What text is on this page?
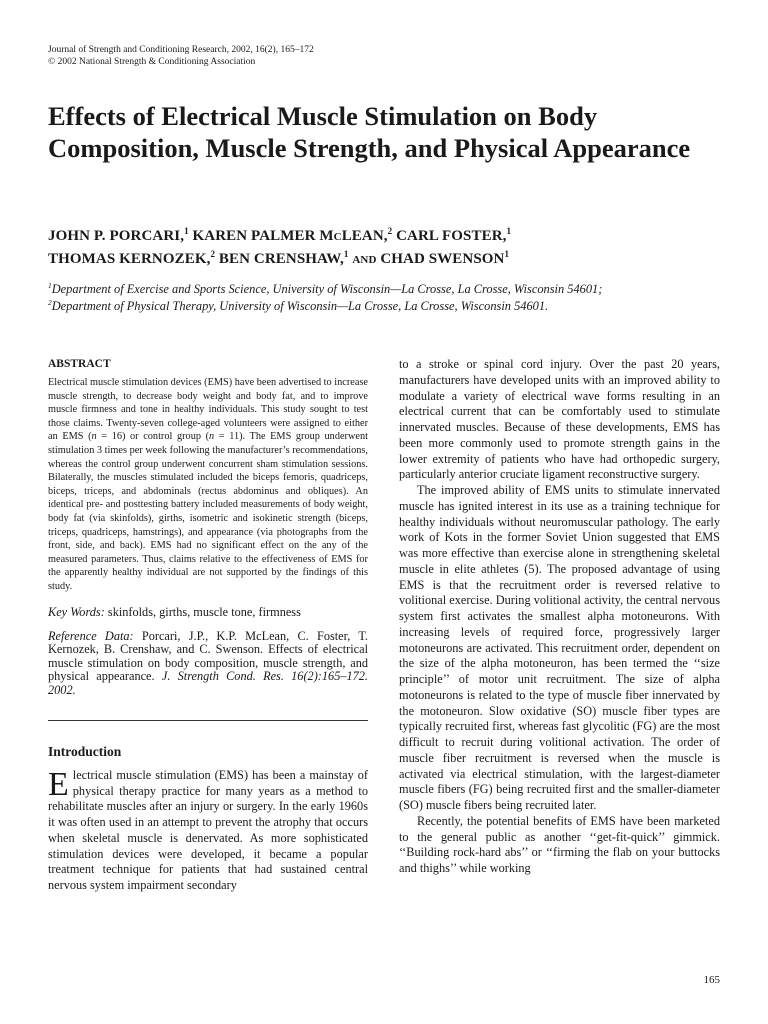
Journal of Strength and Conditioning Research, 2002, 16(2), 165–172
© 2002 National Strength & Conditioning Association
Effects of Electrical Muscle Stimulation on Body Composition, Muscle Strength, and Physical Appearance
JOHN P. PORCARI,$^1$ KAREN PALMER McLEAN,$^2$ CARL FOSTER,$^1$
THOMAS KERNOZEK,$^2$ BEN CRENSHAW,$^1$ and CHAD SWENSON$^1$
$^1$Department of Exercise and Sports Science, University of Wisconsin—La Crosse, La Crosse, Wisconsin 54601;
$^2$Department of Physical Therapy, University of Wisconsin—La Crosse, La Crosse, Wisconsin 54601.
ABSTRACT

Electrical muscle stimulation devices (EMS) have been advertised to increase muscle strength, to decrease body weight and body fat, and to improve muscle firmness and tone in healthy individuals. This study sought to test those claims. Twenty-seven college-aged volunteers were assigned to either an EMS (n = 16) or control group (n = 11). The EMS group underwent stimulation 3 times per week following the manufacturer’s recommendations, whereas the control group underwent concurrent sham stimulation sessions. Bilaterally, the muscles stimulated included the biceps femoris, quadriceps, biceps, triceps, and abdominals (rectus abdominus and obliques). An identical pre- and posttesting battery included measurements of body weight, body fat (via skinfolds), girths, isometric and isokinetic strength (biceps, triceps, quadriceps, hamstrings), and appearance (via photographs from the front, side, and back). EMS had no significant effect on the any of the measured parameters. Thus, claims relative to the effectiveness of EMS for the apparently healthy individual are not supported by the findings of this study.

Key Words: skinfolds, girths, muscle tone, firmness

Reference Data: Porcari, J.P., K.P. McLean, C. Foster, T. Kernozek, B. Crenshaw, and C. Swenson. Effects of electrical muscle stimulation on body composition, muscle strength, and physical appearance. J. Strength Cond. Res. 16(2):165–172. 2002.

Introduction

Electrical muscle stimulation (EMS) has been a mainstay of physical therapy practice for many years as a method to rehabilitate muscles after an injury or surgery. In the early 1960s it was often used in an attempt to prevent the atrophy that occurs when skeletal muscle is denervated. As more sophisticated stimulation devices were developed, it became a popular treatment technique for patients that had sustained central nervous system impairment secondary

to a stroke or spinal cord injury. Over the past 20 years, manufacturers have developed units with an improved ability to modulate a variety of electrical wave forms resulting in an electrical current that can be comfortably used to stimulate innervated muscles. Because of these developments, EMS has been more commonly used to promote strength gains in the lower extremity of patients who have had orthopedic surgery, particularly anterior cruciate ligament reconstructive surgery.

The improved ability of EMS units to stimulate innervated muscle has ignited interest in its use as a training technique for healthy individuals without neuromuscular pathology. The early work of Kots in the former Soviet Union suggested that EMS was more effective than exercise alone in strengthening skeletal muscle in elite athletes (5). The proposed advantage of using EMS is that the recruitment order is reversed relative to volitional exercise. During volitional activity, the central nervous system first activates the smallest alpha motoneurons. With increasing levels of required force, progressively larger motoneurons are activated. This recruitment order, dependent on the size of the alpha motoneuron, has been termed the ‘‘size principle’’ of motor unit recruitment. The size of alpha motoneurons is related to the type of muscle fiber innervated by the motoneuron. Slow oxidative (SO) muscle fiber types are typically recruited first, whereas fast glycolitic (FG) are the most difficult to recruit during volitional activation. The order of muscle fiber recruitment is reversed when the muscle is activated via electrical stimulation, with the largest-diameter muscle fibers (FG) being recruited first and the smaller-diameter (SO) muscle fibers being recruited later.

Recently, the potential benefits of EMS have been marketed to the general public as another ‘‘get-fit-quick’’ gimmick. ‘‘Building rock-hard abs’’ or ‘‘firming the flab on your buttocks and thighs’’ while working

165
